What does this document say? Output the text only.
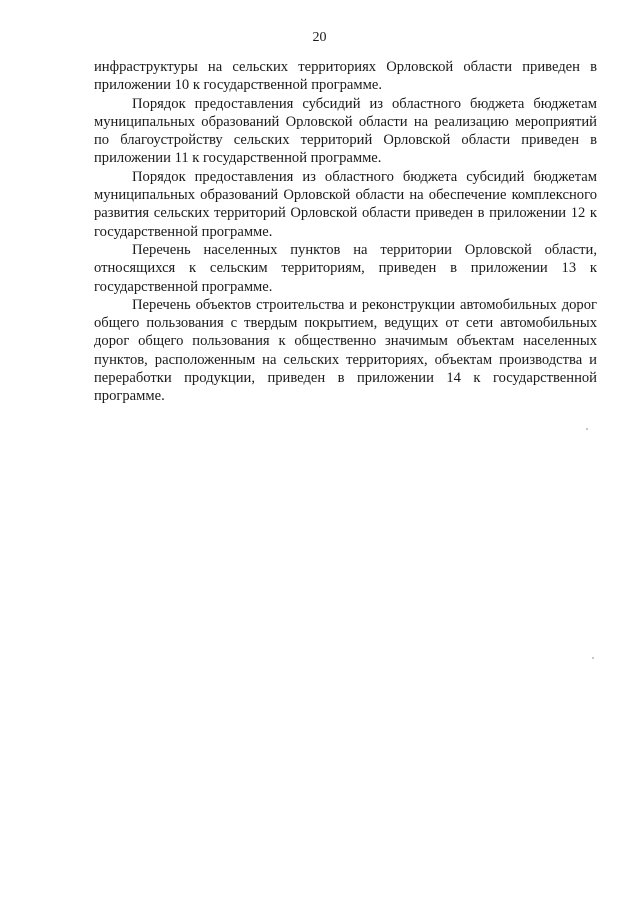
20

инфраструктуры на сельских территориях Орловской области приведен в приложении 10 к государственной программе.

Порядок предоставления субсидий из областного бюджета бюджетам муниципальных образований Орловской области на реализацию мероприятий по благоустройству сельских территорий Орловской области приведен в приложении 11 к государственной программе.

Порядок предоставления из областного бюджета субсидий бюджетам муниципальных образований Орловской области на обеспечение комплексного развития сельских территорий Орловской области приведен в приложении 12 к государственной программе.

Перечень населенных пунктов на территории Орловской области, относящихся к сельским территориям, приведен в приложении 13 к государственной программе.

Перечень объектов строительства и реконструкции автомобильных дорог общего пользования с твердым покрытием, ведущих от сети автомобильных дорог общего пользования к общественно значимым объектам населенных пунктов, расположенным на сельских территориях, объектам производства и переработки продукции, приведен в приложении 14 к государственной программе.
